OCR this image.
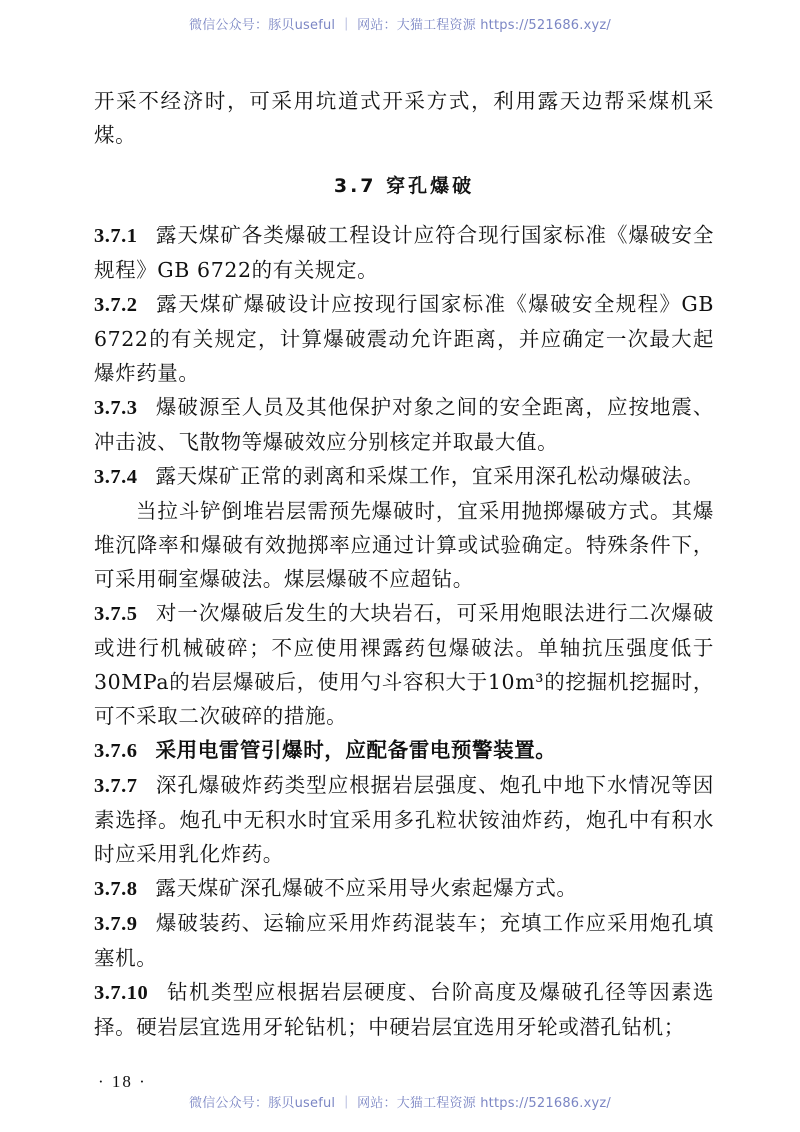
微信公众号：豚贝useful ｜ 网站：大猫工程资源 https://521686.xyz/

开采不经济时，可采用坑道式开采方式，利用露天边帮采煤机采煤。

3.7 穿孔爆破

3.7.1 露天煤矿各类爆破工程设计应符合现行国家标准《爆破安全规程》GB 6722的有关规定。

3.7.2 露天煤矿爆破设计应按现行国家标准《爆破安全规程》GB 6722的有关规定，计算爆破震动允许距离，并应确定一次最大起爆炸药量。

3.7.3 爆破源至人员及其他保护对象之间的安全距离，应按地震、冲击波、飞散物等爆破效应分别核定并取最大值。

3.7.4 露天煤矿正常的剥离和采煤工作，宜采用深孔松动爆破法。

当拉斗铲倒堆岩层需预先爆破时，宜采用抛掷爆破方式。其爆堆沉降率和爆破有效抛掷率应通过计算或试验确定。特殊条件下，可采用硐室爆破法。煤层爆破不应超钻。

3.7.5 对一次爆破后发生的大块岩石，可采用炮眼法进行二次爆破或进行机械破碎；不应使用裸露药包爆破法。单轴抗压强度低于30MPa的岩层爆破后，使用勺斗容积大于10m³的挖掘机挖掘时，可不采取二次破碎的措施。

3.7.6 采用电雷管引爆时，应配备雷电预警装置。

3.7.7 深孔爆破炸药类型应根据岩层强度、炮孔中地下水情况等因素选择。炮孔中无积水时宜采用多孔粒状铵油炸药，炮孔中有积水时应采用乳化炸药。

3.7.8 露天煤矿深孔爆破不应采用导火索起爆方式。

3.7.9 爆破装药、运输应采用炸药混装车；充填工作应采用炮孔填塞机。

3.7.10 钻机类型应根据岩层硬度、台阶高度及爆破孔径等因素选择。硬岩层宜选用牙轮钻机；中硬岩层宜选用牙轮或潜孔钻机；

· 18 ·
微信公众号：豚贝useful ｜ 网站：大猫工程资源 https://521686.xyz/
